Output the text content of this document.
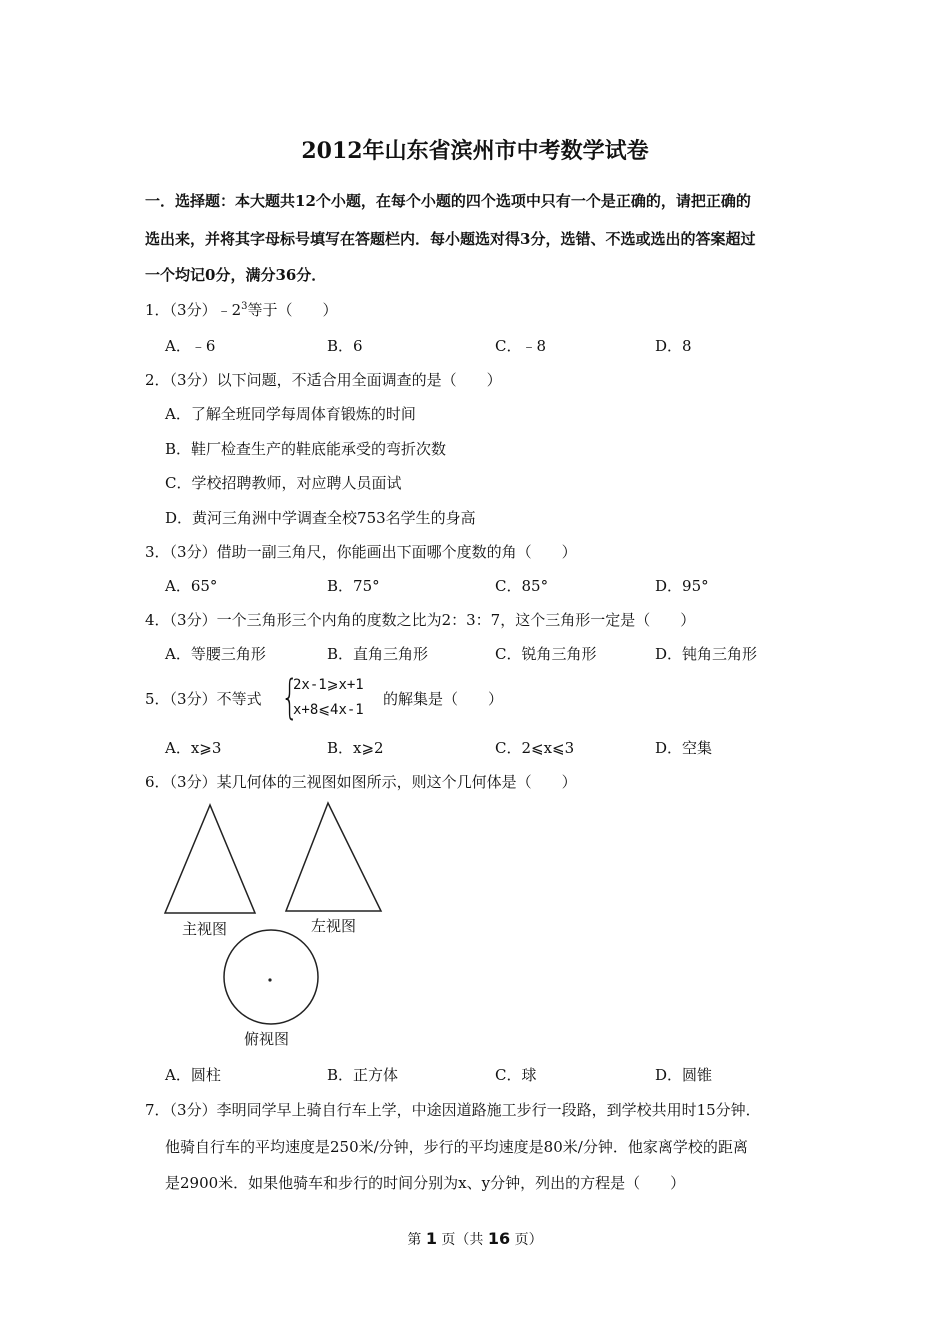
2012年山东省滨州市中考数学试卷
一．选择题：本大题共12个小题，在每个小题的四个选项中只有一个是正确的，请把正确的
选出来，并将其字母标号填写在答题栏内．每小题选对得3分，选错、不选或选出的答案超过
一个均记0分，满分36分．
1．（3分）$﹣2^3$等于（　　）
A．﹣6	B．6	C．﹣8	D．8
2．（3分）以下问题，不适合用全面调查的是（　　）
A．了解全班同学每周体育锻炼的时间
B．鞋厂检查生产的鞋底能承受的弯折次数
C．学校招聘教师，对应聘人员面试
D．黄河三角洲中学调查全校753名学生的身高
3．（3分）借助一副三角尺，你能画出下面哪个度数的角（　　）
A．65°	B．75°	C．85°	D．95°
4．（3分）一个三角形三个内角的度数之比为2：3：7，这个三角形一定是（　　）
A．等腰三角形	B．直角三角形	C．锐角三角形	D．钝角三角形
5．（3分）不等式 {
2x-1⩾x+1
x+8⩽4x-1
的解集是（　　）
A．x⩾3	B．x⩾2	C．2⩽x⩽3	D．空集
6．（3分）某几何体的三视图如图所示，则这个几何体是（　　）
主视图	左视图
俯视图
A．圆柱	B．正方体	C．球	D．圆锥
7．（3分）李明同学早上骑自行车上学，中途因道路施工步行一段路，到学校共用时15分钟．
他骑自行车的平均速度是250米/分钟，步行的平均速度是80米/分钟．他家离学校的距离
是2900米．如果他骑车和步行的时间分别为x、y分钟，列出的方程是（　　）
第 1 页（共 16 页）
